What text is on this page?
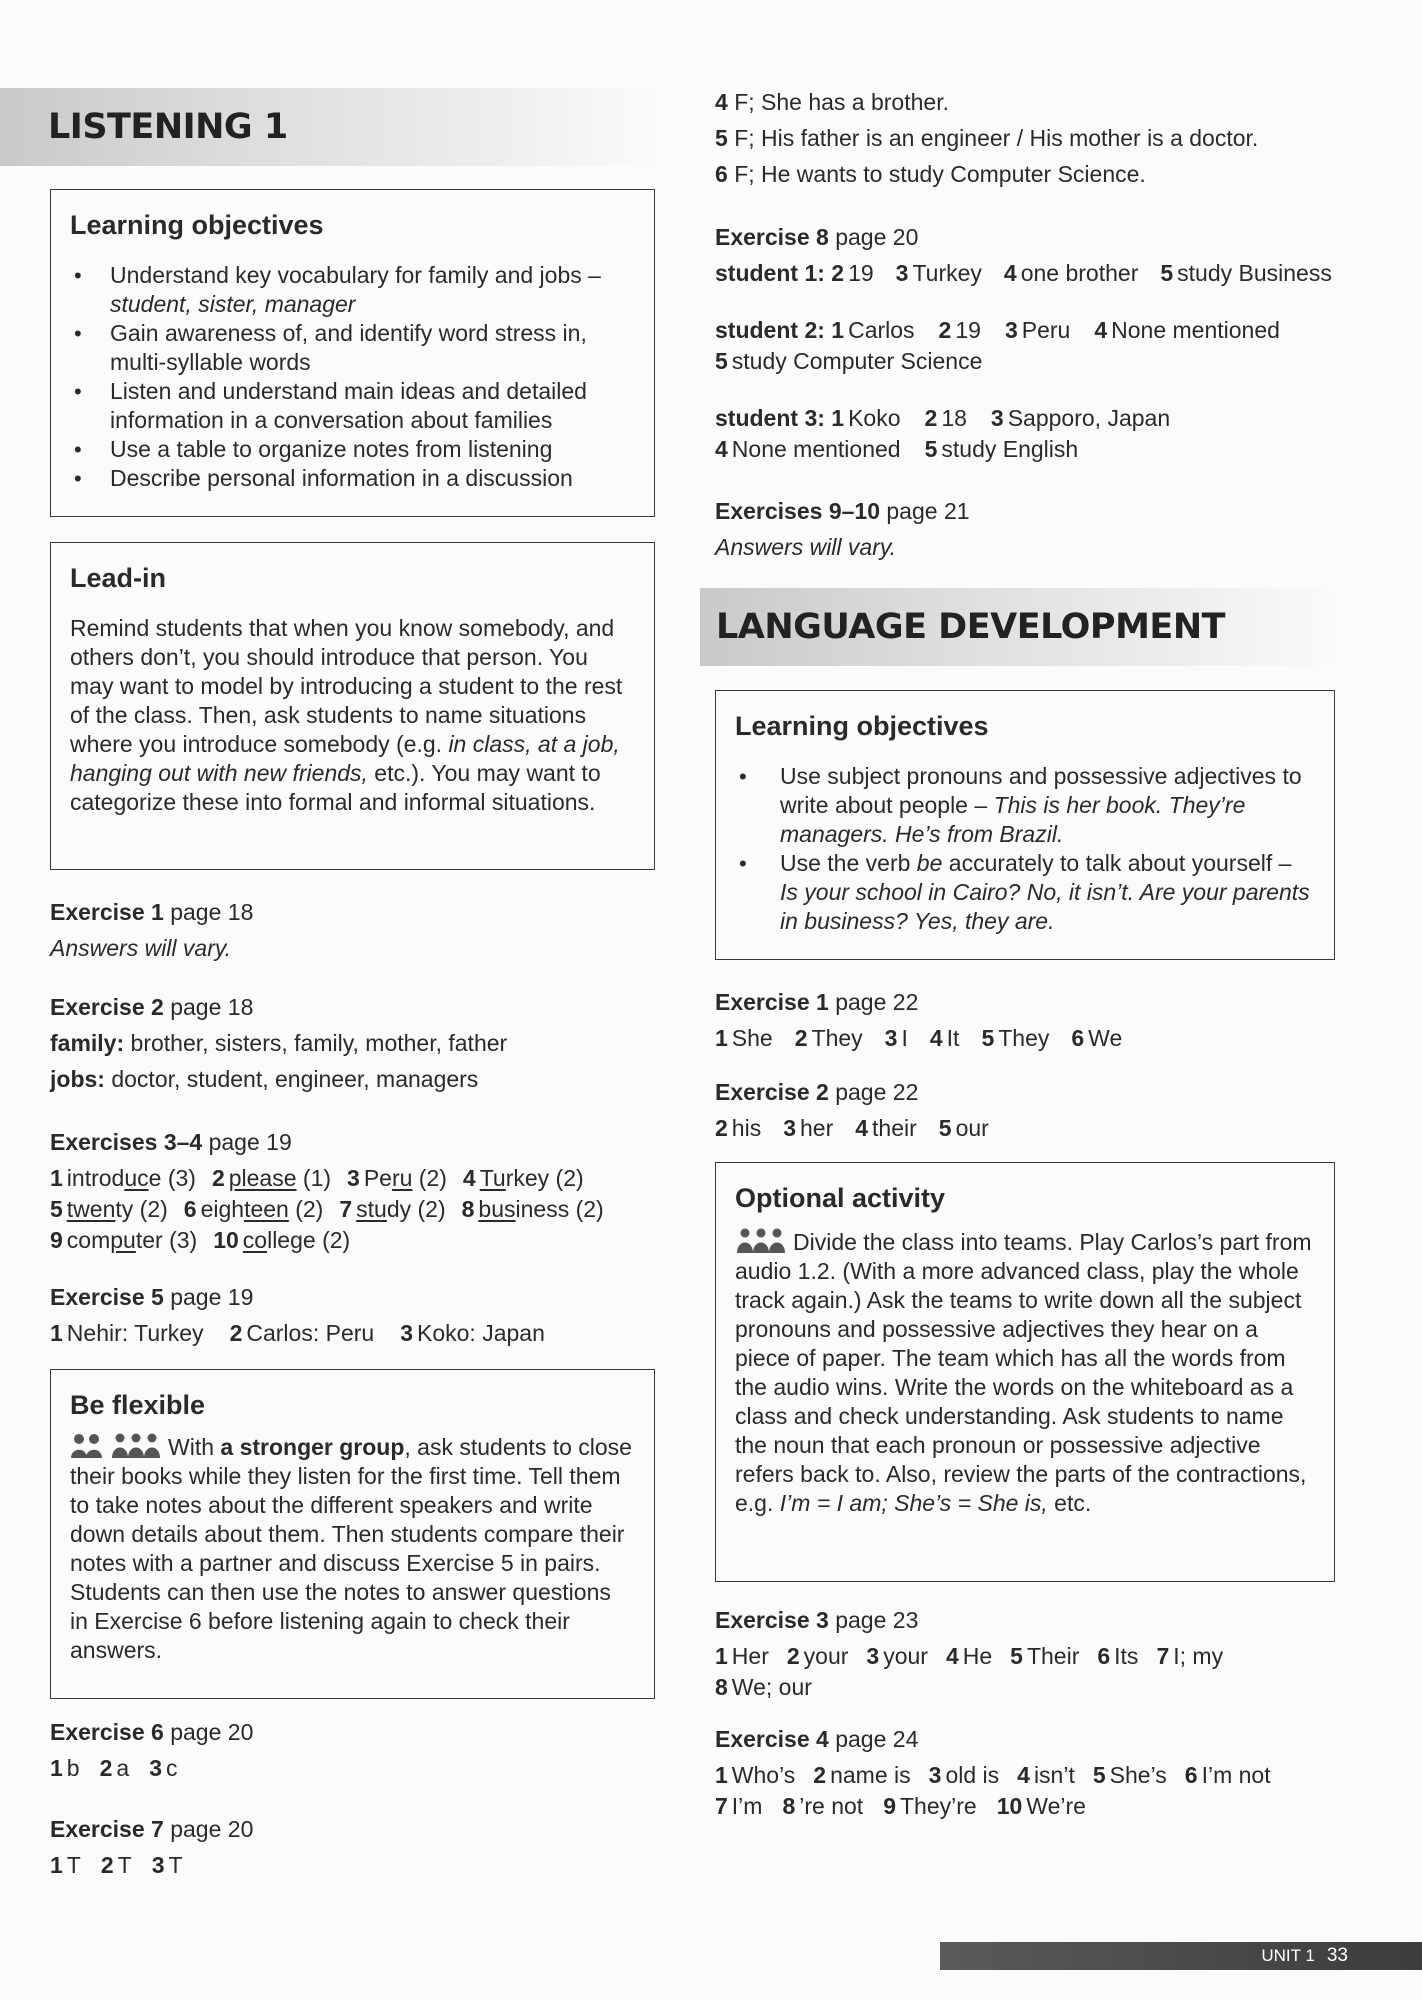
LISTENING 1
Learning objectives
• Understand key vocabulary for family and jobs – student, sister, manager
• Gain awareness of, and identify word stress in, multi-syllable words
• Listen and understand main ideas and detailed information in a conversation about families
• Use a table to organize notes from listening
• Describe personal information in a discussion
Lead-in

Remind students that when you know somebody, and others don’t, you should introduce that person. You may want to model by introducing a student to the rest of the class. Then, ask students to name situations where you introduce somebody (e.g. in class, at a job, hanging out with new friends, etc.). You may want to categorize these into formal and informal situations.

Exercise 1 page 18
Answers will vary.
Exercise 2 page 18
family: brother, sisters, family, mother, father
jobs: doctor, student, engineer, managers
Exercises 3–4 page 19
1 introduce (3) 2 please (1) 3 Peru (2) 4 Turkey (2)
5 twenty (2) 6 eighteen (2) 7 study (2) 8 business (2)
9 computer (3) 10 college (2)
Exercise 5 page 19
1 Nehir: Turkey 2 Carlos: Peru 3 Koko: Japan
Be flexible

With a stronger group, ask students to close their books while they listen for the first time. Tell them to take notes about the different speakers and write down details about them. Then students compare their notes with a partner and discuss Exercise 5 in pairs. Students can then use the notes to answer questions in Exercise 6 before listening again to check their answers.

Exercise 6 page 20
1 b 2 a 3 c
Exercise 7 page 20
1 T 2 T 3 T
4 F; She has a brother.
5 F; His father is an engineer / His mother is a doctor.
6 F; He wants to study Computer Science.
Exercise 8 page 20
student 1: 2 19 3 Turkey 4 one brother 5 study Business
student 2: 1 Carlos 2 19 3 Peru 4 None mentioned
5 study Computer Science
student 3: 1 Koko 2 18 3 Sapporo, Japan
4 None mentioned 5 study English
Exercises 9–10 page 21
Answers will vary.
LANGUAGE DEVELOPMENT
Learning objectives
• Use subject pronouns and possessive adjectives to write about people – This is her book. They’re managers. He’s from Brazil.
• Use the verb be accurately to talk about yourself – Is your school in Cairo? No, it isn’t. Are your parents in business? Yes, they are.
Exercise 1 page 22
1 She 2 They 3 I 4 It 5 They 6 We
Exercise 2 page 22
2 his 3 her 4 their 5 our
Optional activity

Divide the class into teams. Play Carlos’s part from audio 1.2. (With a more advanced class, play the whole track again.) Ask the teams to write down all the subject pronouns and possessive adjectives they hear on a piece of paper. The team which has all the words from the audio wins. Write the words on the whiteboard as a class and check understanding. Ask students to name the noun that each pronoun or possessive adjective refers back to. Also, review the parts of the contractions, e.g. I’m = I am; She’s = She is, etc.

Exercise 3 page 23
1 Her 2 your 3 your 4 He 5 Their 6 Its 7 I; my
8 We; our
Exercise 4 page 24
1 Who’s 2 name is 3 old is 4 isn’t 5 She’s 6 I’m not
7 I’m 8 ’re not 9 They’re 10 We’re
UNIT 1 33
